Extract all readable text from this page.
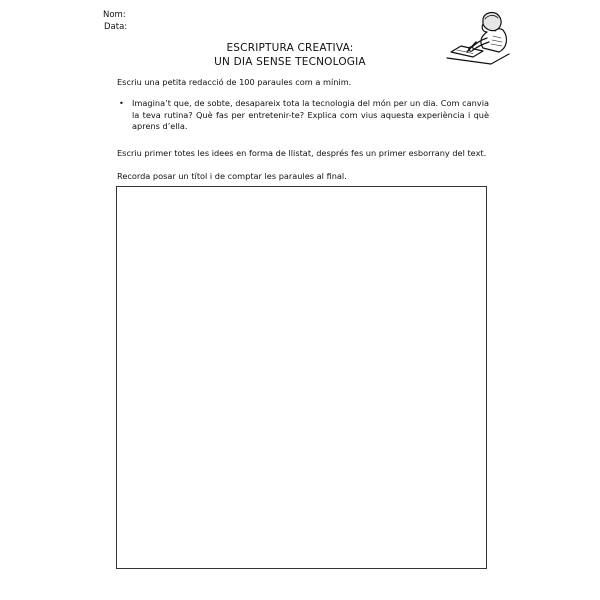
Nom:
Data:
ESCRIPTURA CREATIVA:
UN DIA SENSE TECNOLOGIA
Escriu una petita redacció de 100 paraules com a mínim.
• Imagina’t que, de sobte, desapareix tota la tecnologia del món per un dia. Com canvia la teva rutina? Què fas per entretenir-te? Explica com vius aquesta experiència i què aprens d’ella.
Escriu primer totes les idees en forma de llistat, després fes un primer esborrany del text.
Recorda posar un títol i de comptar les paraules al final.
